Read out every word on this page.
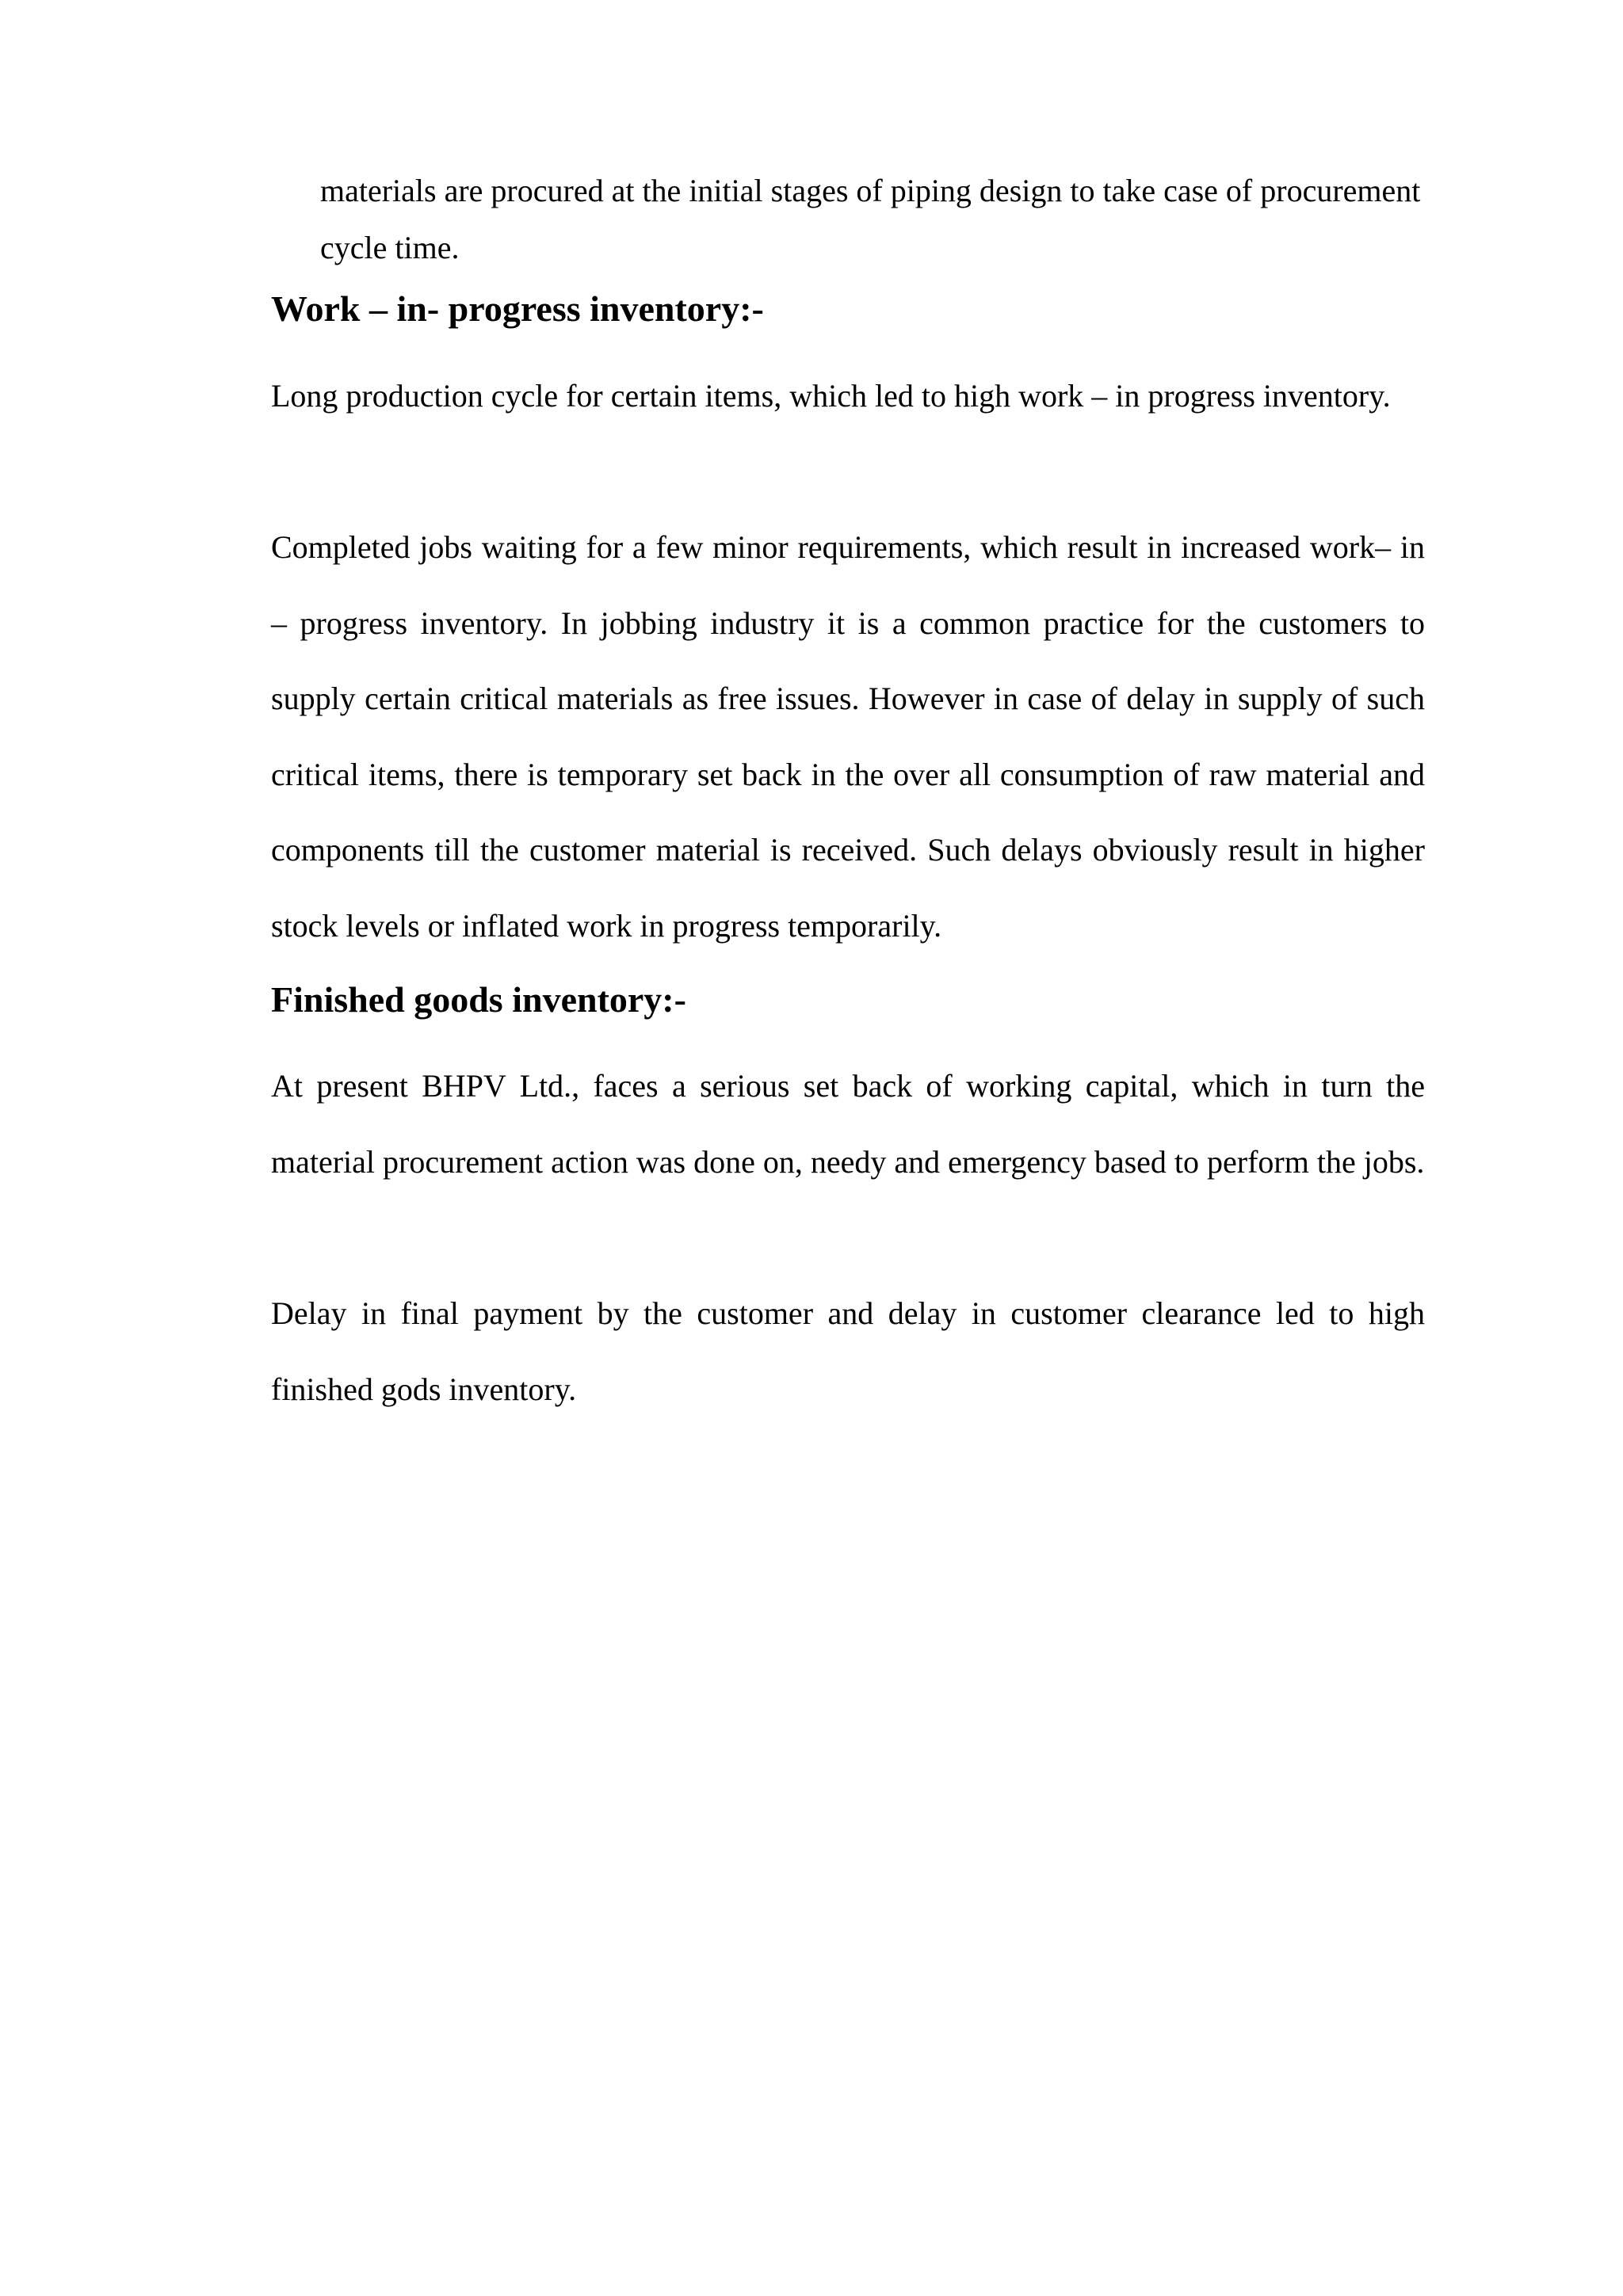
materials are procured at the initial stages of piping design to take case of procurement cycle time.

Work – in- progress inventory:-

Long production cycle for certain items, which led to high work – in progress inventory.

Completed jobs waiting for a few minor requirements, which result in increased work– in – progress inventory. In jobbing industry it is a common practice for the customers to supply certain critical materials as free issues. However in case of delay in supply of such critical items, there is temporary set back in the over all consumption of raw material and components till the customer material is received. Such delays obviously result in higher stock levels or inflated work in progress temporarily.

Finished goods inventory:-

At present BHPV Ltd., faces a serious set back of working capital, which in turn the material procurement action was done on, needy and emergency based to perform the jobs.

Delay in final payment by the customer and delay in customer clearance led to high finished gods inventory.
